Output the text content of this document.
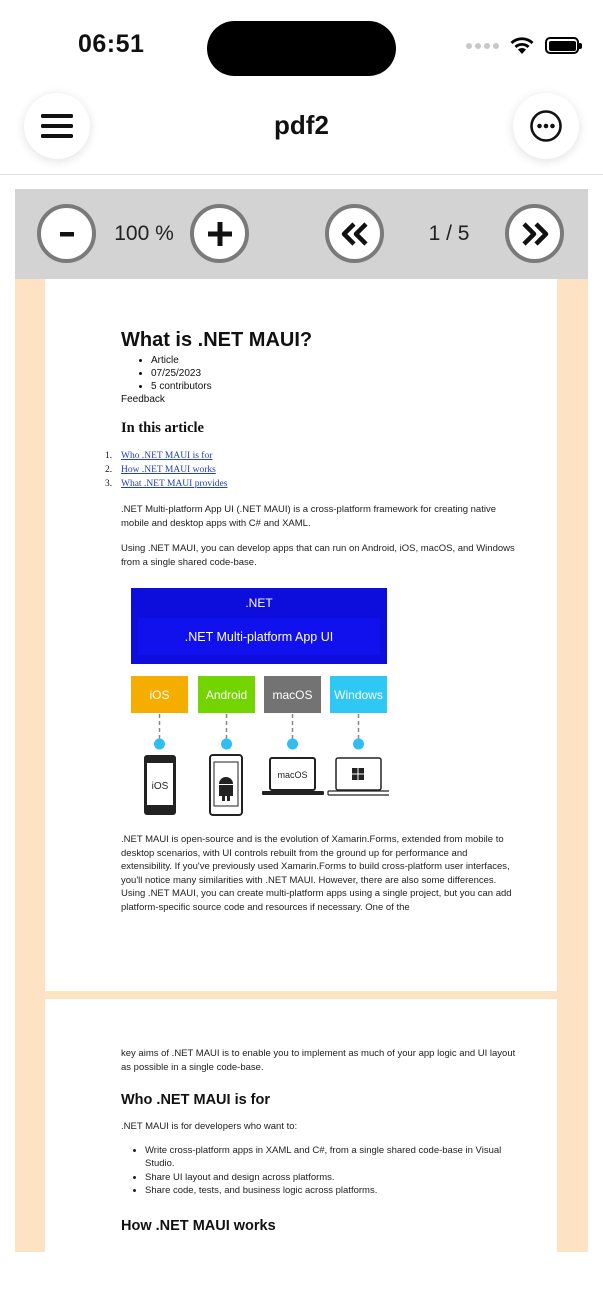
06:51
pdf2
100 %	1 / 5
What is .NET MAUI?
• Article
• 07/25/2023
• 5 contributors
Feedback
In this article
1. Who .NET MAUI is for
2. How .NET MAUI works
3. What .NET MAUI provides
.NET Multi-platform App UI (.NET MAUI) is a cross-platform framework for creating native mobile and desktop apps with C# and XAML.
Using .NET MAUI, you can develop apps that can run on Android, iOS, macOS, and Windows from a single shared code-base.
.NET
.NET Multi-platform App UI
iOS	Android macOS Windows
iOS
macOS
.NET MAUI is open-source and is the evolution of Xamarin.Forms, extended from mobile to desktop scenarios, with UI controls rebuilt from the ground up for performance and extensibility. If you've previously used Xamarin.Forms to build cross-platform user interfaces, you'll notice many similarities with .NET MAUI. However, there are also some differences. Using .NET MAUI, you can create multi-platform apps using a single project, but you can add platform-specific source code and resources if necessary. One of the
key aims of .NET MAUI is to enable you to implement as much of your app logic and UI layout as possible in a single code-base.
Who .NET MAUI is for
.NET MAUI is for developers who want to:
• Write cross-platform apps in XAML and C#, from a single shared code-base in Visual Studio.
• Share UI layout and design across platforms.
• Share code, tests, and business logic across platforms.
How .NET MAUI works
